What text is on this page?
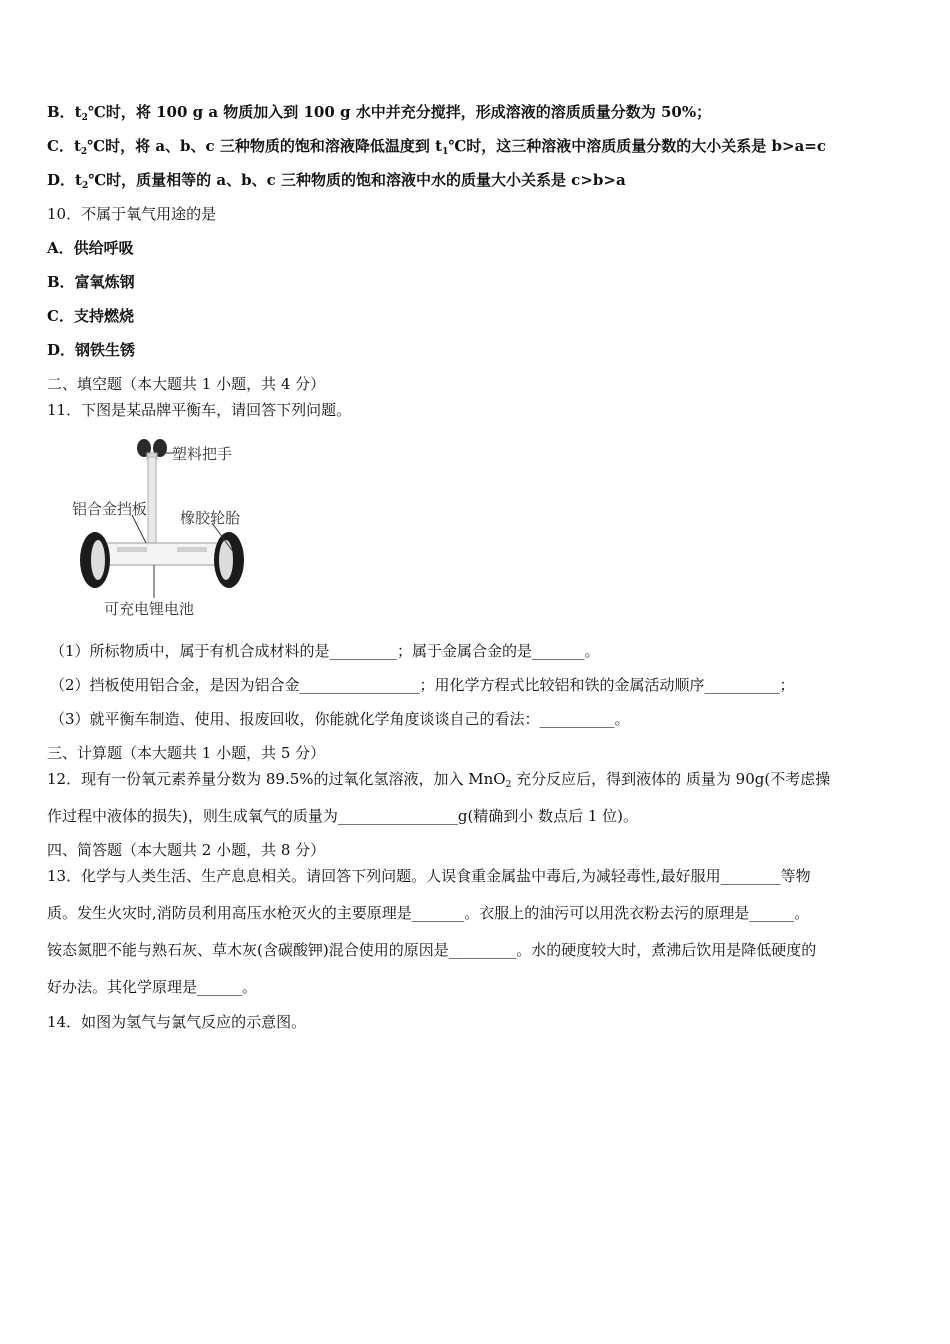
B．$t_2℃$时，将 100 g a 物质加入到 100 g 水中并充分搅拌，形成溶液的溶质质量分数为 50%；
C．$t_2℃$时，将 a、b、c 三种物质的饱和溶液降低温度到 $t_1℃$时，这三种溶液中溶质质量分数的大小关系是 b>a=c
D．$t_2℃$时，质量相等的 a、b、c 三种物质的饱和溶液中水的质量大小关系是 c>b>a
10．不属于氧气用途的是
A．供给呼吸
B．富氧炼钢
C．支持燃烧
D．钢铁生锈
二、填空题（本大题共 1 小题，共 4 分）
11．下图是某品牌平衡车，请回答下列问题。
塑料把手
铝合金挡板 橡胶轮胎
可充电锂电池
（1）所标物质中，属于有机合成材料的是_________；属于金属合金的是_______。
（2）挡板使用铝合金，是因为铝合金________________；用化学方程式比较铝和铁的金属活动顺序__________；
（3）就平衡车制造、使用、报废回收，你能就化学角度谈谈自己的看法：__________。
三、计算题（本大题共 1 小题，共 5 分）
12．现有一份氧元素养量分数为 89.5%的过氧化氢溶液，加入 MnO$_2$ 充分反应后，得到液体的 质量为 90g(不考虑操
作过程中液体的损失)，则生成氧气的质量为________________g(精确到小 数点后 1 位)。
四、简答题（本大题共 2 小题，共 8 分）
13．化学与人类生活、生产息息相关。请回答下列问题。人误食重金属盐中毒后,为减轻毒性,最好服用________等物
质。发生火灾时,消防员利用高压水枪灭火的主要原理是_______。衣服上的油污可以用洗衣粉去污的原理是______。
铵态氮肥不能与熟石灰、草木灰(含碳酸钾)混合使用的原因是_________。水的硬度较大时，煮沸后饮用是降低硬度的
好办法。其化学原理是______。
14．如图为氢气与氯气反应的示意图。
